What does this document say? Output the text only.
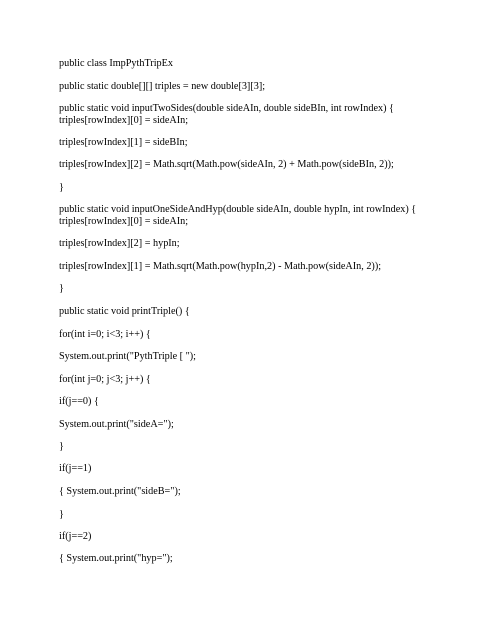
public class ImpPythTripEx
public static double[][] triples = new double[3][3];
public static void inputTwoSides(double sideAIn, double sideBIn, int rowIndex) {
triples[rowIndex][0] = sideAIn;
triples[rowIndex][1] = sideBIn;
triples[rowIndex][2] = Math.sqrt(Math.pow(sideAIn, 2) + Math.pow(sideBIn, 2));
}
public static void inputOneSideAndHyp(double sideAIn, double hypIn, int rowIndex) {
triples[rowIndex][0] = sideAIn;
triples[rowIndex][2] = hypIn;
triples[rowIndex][1] = Math.sqrt(Math.pow(hypIn,2) - Math.pow(sideAIn, 2));
}
public static void printTriple() {
for(int i=0; i<3; i++) {
System.out.print("PythTriple [ ");
for(int j=0; j<3; j++) {
if(j==0) {
System.out.print("sideA=");
}
if(j==1)
{ System.out.print("sideB=");
}
if(j==2)
{ System.out.print("hyp=");
